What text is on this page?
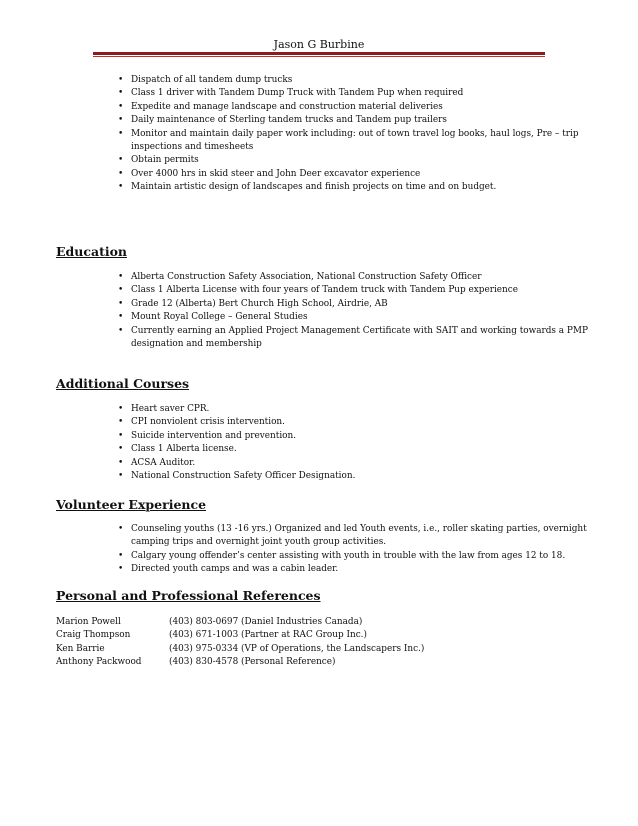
Jason G Burbine
• Dispatch of all tandem dump trucks
• Class 1 driver with Tandem Dump Truck with Tandem Pup when required
• Expedite and manage landscape and construction material deliveries
• Daily maintenance of Sterling tandem trucks and Tandem pup trailers
• Monitor and maintain daily paper work including: out of town travel log books, haul logs, Pre – trip inspections and timesheets
• Obtain permits
• Over 4000 hrs in skid steer and John Deer excavator experience
• Maintain artistic design of landscapes and finish projects on time and on budget.
Education
• Alberta Construction Safety Association, National Construction Safety Officer
• Class 1 Alberta License with four years of Tandem truck with Tandem Pup experience
• Grade 12 (Alberta) Bert Church High School, Airdrie, AB
• Mount Royal College – General Studies
• Currently earning an Applied Project Management Certificate with SAIT and working towards a PMP designation and membership
Additional Courses
• Heart saver CPR.
• CPI nonviolent crisis intervention.
• Suicide intervention and prevention.
• Class 1 Alberta license.
• ACSA Auditor.
• National Construction Safety Officer Designation.
Volunteer Experience
• Counseling youths (13 -16 yrs.) Organized and led Youth events, i.e., roller skating parties, overnight camping trips and overnight joint youth group activities.
• Calgary young offender’s center assisting with youth in trouble with the law from ages 12 to 18.
• Directed youth camps and was a cabin leader.
Personal and Professional References
Marion Powell	(403) 803-0697 (Daniel Industries Canada)
Craig Thompson	(403) 671-1003 (Partner at RAC Group Inc.)
Ken Barrie	(403) 975-0334 (VP of Operations, the Landscapers Inc.)
Anthony Packwood	(403) 830-4578 (Personal Reference)
